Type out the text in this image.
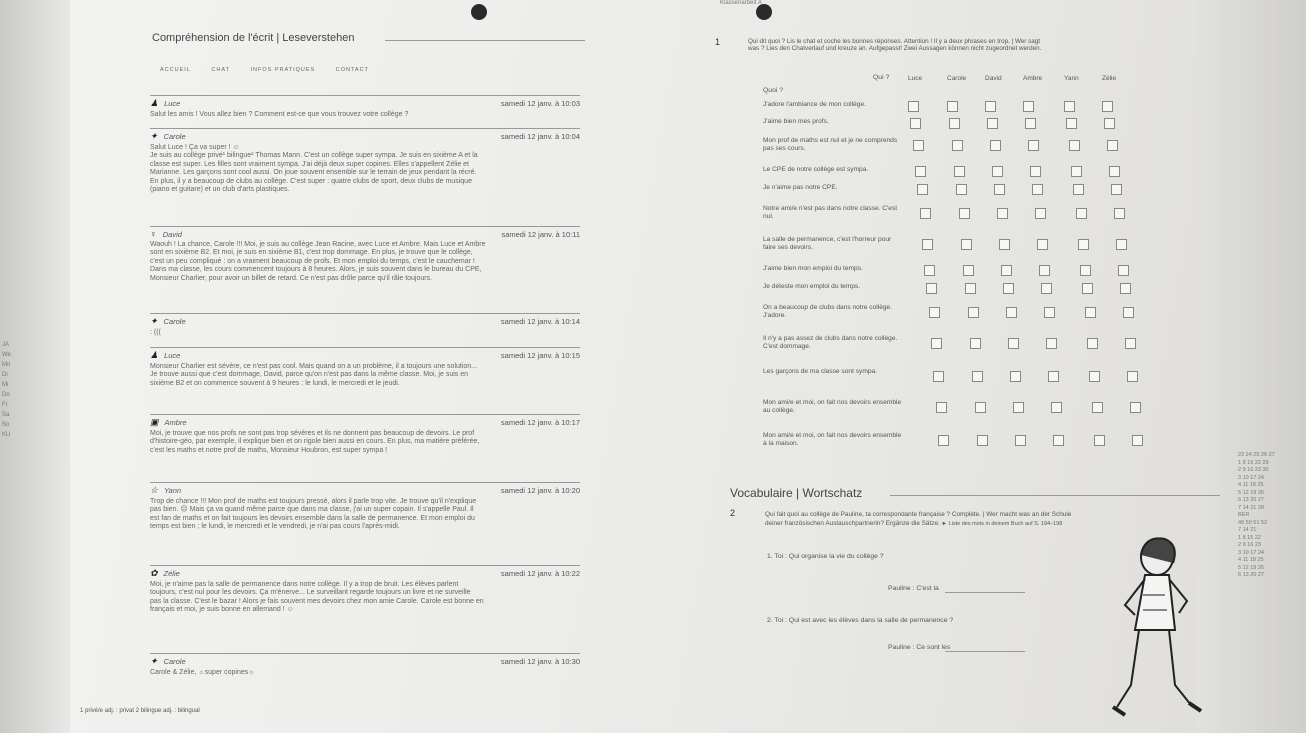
Klassenarbeit A
JA
We
Mo
Di
Mi
Do
Fr
Sa
So
KU
Compréhension de l'écrit | Leseverstehen
ACCUEIL	CHAT	INFOS PRATIQUES	CONTACT
♟ Luce	samedi 12 janv. à 10:03
Salut les amis ! Vous allez bien ? Comment est-ce que vous trouvez votre collège ?
✦ Carole	samedi 12 janv. à 10:04
Salut Luce ! Ça va super ! ☺
Je suis au collège privé¹ bilingue² Thomas Mann. C'est un collège super sympa. Je suis en sixième A et la
classe est super. Les filles sont vraiment sympa. J'ai déjà deux super copines. Elles s'appellent Zélie et
Marianne. Les garçons sont cool aussi. On joue souvent ensemble sur le terrain de jeux pendant la récré.
En plus, il y a beaucoup de clubs au collège. C'est super : quatre clubs de sport, deux clubs de musique
(piano et guitare) et un club d'arts plastiques.
♀ David	samedi 12 janv. à 10:11
Waouh ! La chance, Carole !!! Moi, je suis au collège Jean Racine, avec Luce et Ambre. Mais Luce et Ambre
sont en sixième B2. Et moi, je suis en sixième B1, c'est trop dommage. En plus, je trouve que le collège,
c'est un peu compliqué : on a vraiment beaucoup de profs. Et mon emploi du temps, c'est le cauchemar !
Dans ma classe, les cours commencent toujours à 8 heures. Alors, je suis souvent dans le bureau du CPE,
Monsieur Charlier, pour avoir un billet de retard. Ce n'est pas drôle parce qu'il râle toujours.
✦ Carole	samedi 12 janv. à 10:14
: (((
♟ Luce	samedi 12 janv. à 10:15
Monsieur Charlier est sévère, ce n'est pas cool. Mais quand on a un problème, il a toujours une solution...
Je trouve aussi que c'est dommage, David, parce qu'on n'est pas dans la même classe. Moi, je suis en
sixième B2 et on commence souvent à 9 heures : le lundi, le mercredi et le jeudi.
▣ Ambre	samedi 12 janv. à 10:17
Moi, je trouve que nos profs ne sont pas trop sévères et ils ne donnent pas beaucoup de devoirs. Le prof
d'histoire-géo, par exemple, il explique bien et on rigole bien aussi en cours. En plus, ma matière préférée,
c'est les maths et notre prof de maths, Monsieur Houbron, est super sympa !
☆ Yann	samedi 12 janv. à 10:20
Trop de chance !!! Mon prof de maths est toujours pressé, alors il parle trop vite. Je trouve qu'il n'explique
pas bien. ☹ Mais ça va quand même parce que dans ma classe, j'ai un super copain. Il s'appelle Paul. Il
est fan de maths et on fait toujours les devoirs ensemble dans la salle de permanence. Et mon emploi du
temps est bien ; le lundi, le mercredi et le vendredi, je n'ai pas cours l'après-midi.
✿ Zélie	samedi 12 janv. à 10:22
Moi, je n'aime pas la salle de permanence dans notre collège. Il y a trop de bruit. Les élèves parlent
toujours, c'est nul pour les devoirs. Ça m'énerve... Le surveillant regarde toujours un livre et ne surveille
pas la classe. C'est le bazar ! Alors je fais souvent mes devoirs chez mon amie Carole. Carole est bonne en
français et moi, je suis bonne en allemand ! ☺
✦ Carole	samedi 12 janv. à 10:30
Carole & Zélie, ☼super copines☼
1 privé/e adj. : privat 2 bilingue adj. : bilingual
1	Qui dit quoi ? Lis le chat et coche les bonnes réponses. Attention ! Il y a deux phrases en trop. | Wer sagt
was ? Lies den Chatverlauf und kreuze an. Aufgepasst! Zwei Aussagen können nicht zugeordnet werden.
Quoi ?
Qui ?	Luce	Carole	David	Ambre	Yann	Zélie
J'adore l'ambiance de mon collège.
J'aime bien mes profs.
Mon prof de maths est nul et je ne comprends pas ses cours.
Le CPE de notre collège est sympa.
Je n'aime pas notre CPE.
Notre ami/e n'est pas dans notre classe. C'est nul.
La salle de permanence, c'est l'horreur pour faire ses devoirs.
J'aime bien mon emploi du temps.
Je déteste mon emploi du temps.
On a beaucoup de clubs dans notre collège. J'adore.
Il n'y a pas assez de clubs dans notre collège. C'est dommage.
Les garçons de ma classe sont sympa.
Mon ami/e et moi, on fait nos devoirs ensemble au collège.
Mon ami/e et moi, on fait nos devoirs ensemble à la maison.
Vocabulaire | Wortschatz
2	Qui fait quoi au collège de Pauline, ta correspondante française ? Complète. | Wer macht was an der Schule
deiner französischen Austauschpartnerin? Ergänze die Sätze. ► Liste des mots in deinem Buch auf S. 194–198
1. Toi : Qui organise la vie du collège ?
Pauline : C'est la
2. Toi : Qui est avec les élèves dans la salle de permanence ?
Pauline : Ce sont les
23 24 25 26 27
1 8 15 22 29
2 9 16 23 30
3 10 17 24
4 11 18 25
5 12 19 26
6 13 20 27
7 14 21 28
BER
49 50 51 52
7 14 21
1 8 15 22
2 9 16 23
3 10 17 24
4 11 18 25
5 12 19 26
6 13 20 27
